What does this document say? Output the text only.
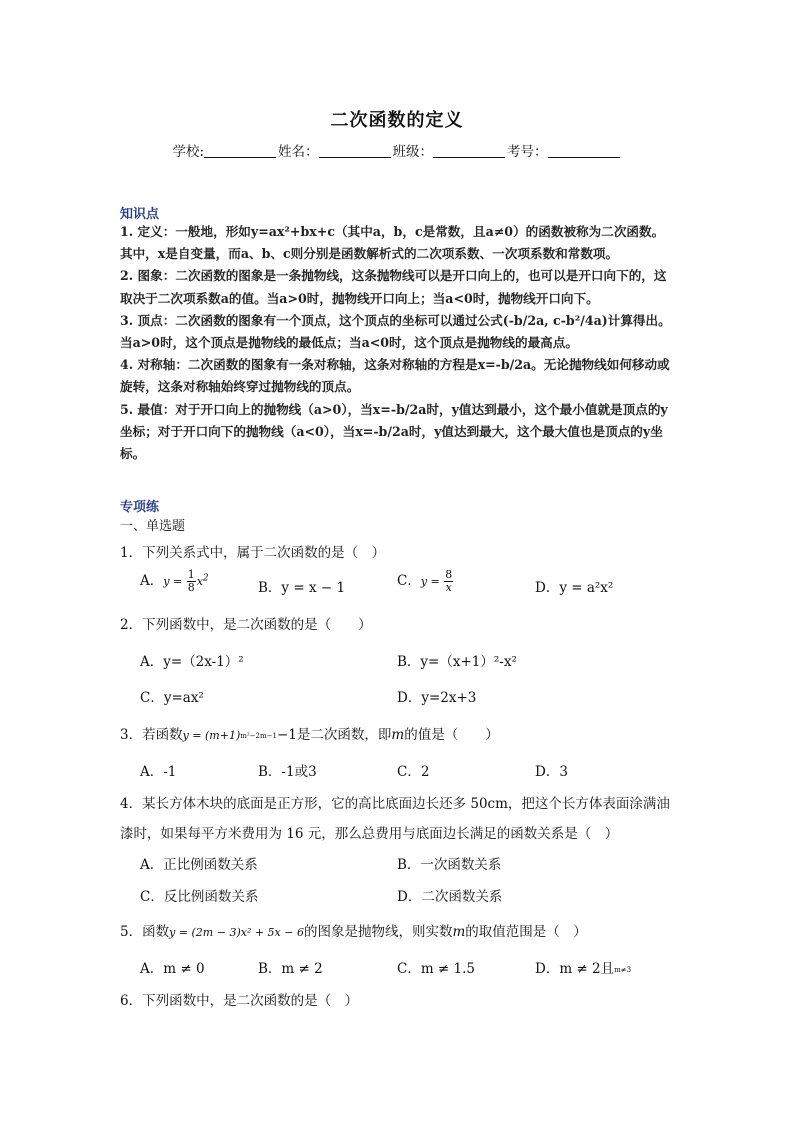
二次函数的定义
学校:	姓名：	班级：	考号：
知识点

1. 定义：一般地，形如y=ax²+bx+c（其中a，b，c是常数，且a≠0）的函数被称为二次函数。其中，x是自变量，而a、b、c则分别是函数解析式的二次项系数、一次项系数和常数项。

2. 图象：二次函数的图象是一条抛物线，这条抛物线可以是开口向上的，也可以是开口向下的，这取决于二次项系数a的值。当a>0时，抛物线开口向上；当a<0时，抛物线开口向下。

3. 顶点：二次函数的图象有一个顶点，这个顶点的坐标可以通过公式(-b/2a, c-b²/4a)计算得出。当a>0时，这个顶点是抛物线的最低点；当a<0时，这个顶点是抛物线的最高点。

4. 对称轴：二次函数的图象有一条对称轴，这条对称轴的方程是x=-b/2a。无论抛物线如何移动或旋转，这条对称轴始终穿过抛物线的顶点。

5. 最值：对于开口向上的抛物线（a>0），当x=-b/2a时，y值达到最小，这个最小值就是顶点的y坐标；对于开口向下的抛物线（a<0），当x=-b/2a时，y值达到最大，这个最大值也是顶点的y坐标。

专项练
一、单选题
1．下列关系式中，属于二次函数的是（　）
A．$y = \frac{1}{8} x^2$
B．y = x − 1	C．$y = \frac{8}{x}$	D．y = a²x²
2．下列函数中，是二次函数的是（　　）
A．y=（2x-1）²	B．y=（x+1）²-x²
C．y=ax²	D．y=2x+3
3．若函数$y = (m+1)^{m^2-2m-1}-1$是二次函数，即m的值是（　　）
A．-1	B．-1或3	C．2	D．3
4．某长方体木块的底面是正方形，它的高比底面边长还多 50cm，把这个长方体表面涂满油
漆时，如果每平方米费用为 16 元，那么总费用与底面边长满足的函数关系是（　）
A．正比例函数关系	B．一次函数关系
C．反比例函数关系	D．二次函数关系
5．函数y = (2m − 3)x² + 5x − 6的图象是抛物线，则实数m的取值范围是（　）
A．m ≠ 0	B．m ≠ 2	C．m ≠ 1.5	D．m ≠ 2且m≠3
6．下列函数中，是二次函数的是（　）
